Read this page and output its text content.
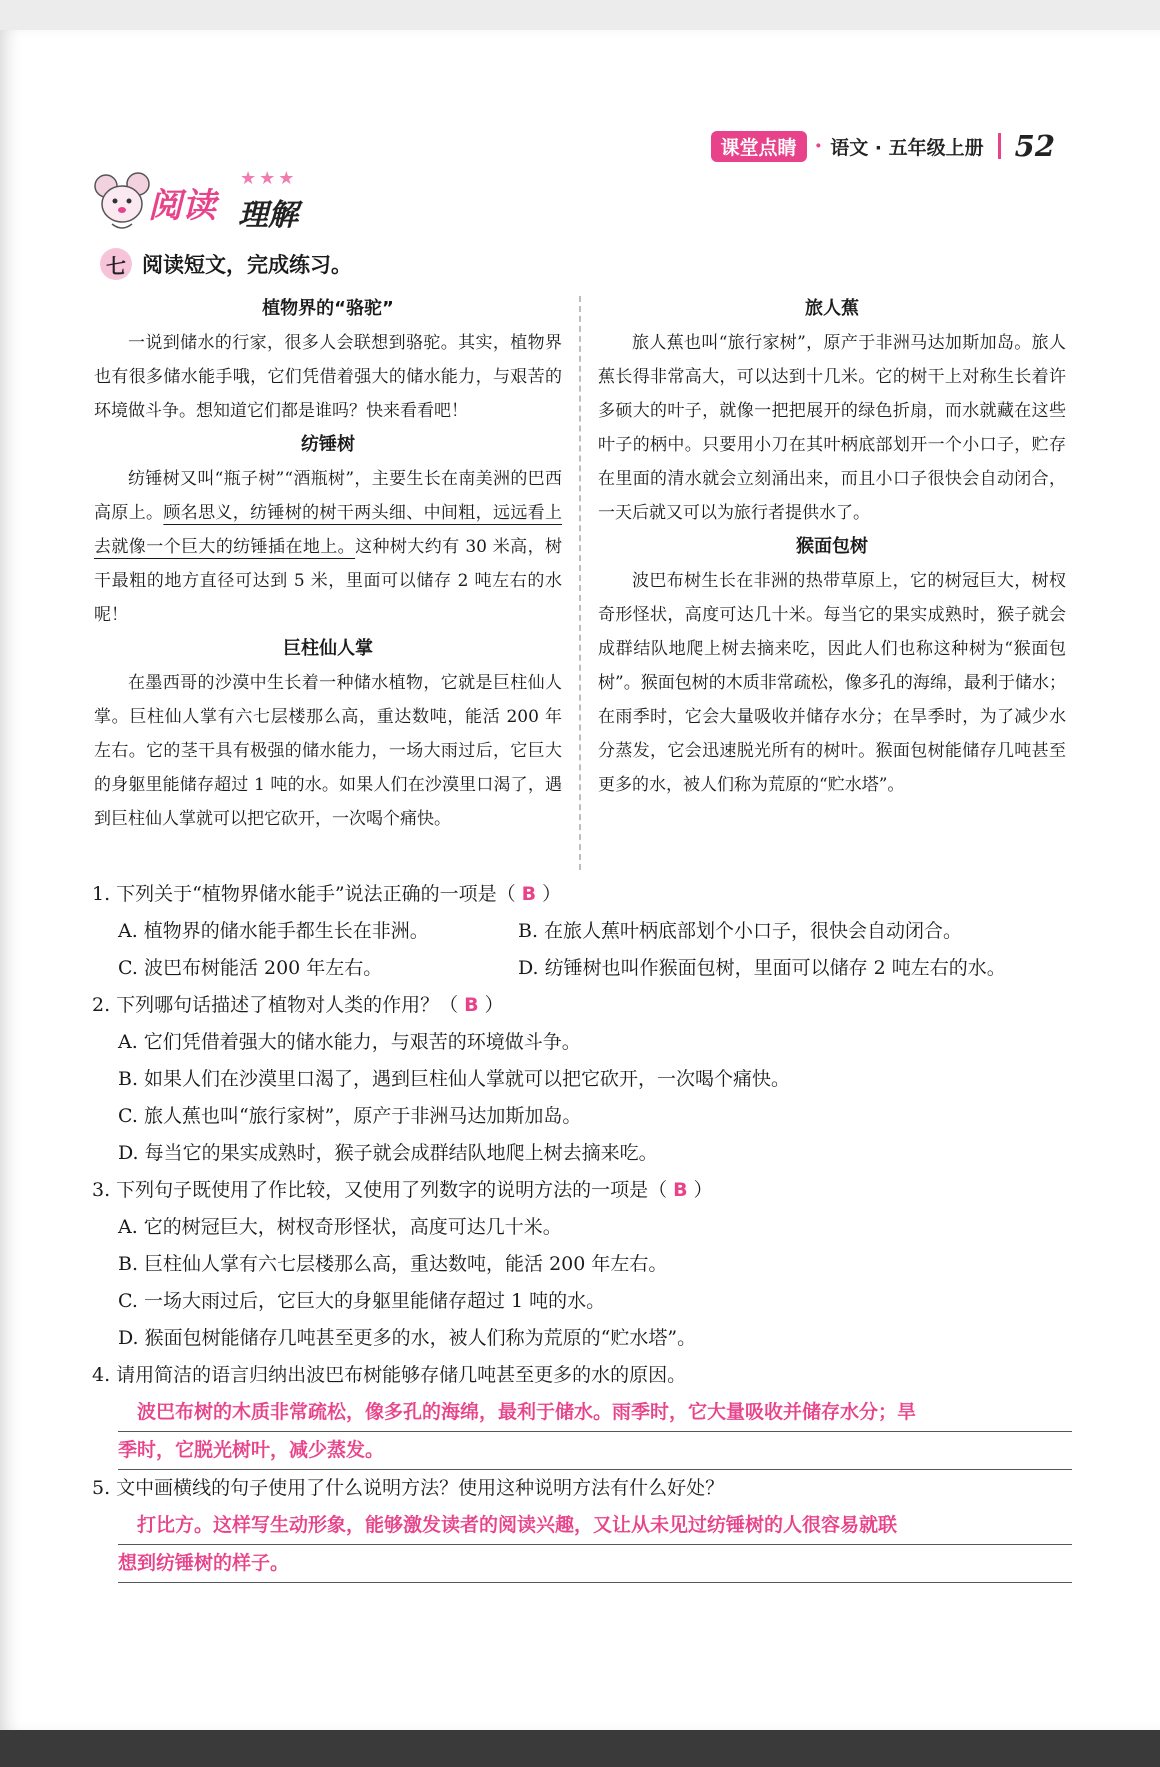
课堂点睛 · 语文 · 五年级上册 52
阅读
★★★
理解
七 阅读短文，完成练习。
植物界的“骆驼”

一说到储水的行家，很多人会联想到骆驼。其实，植物界也有很多储水能手哦，它们凭借着强大的储水能力，与艰苦的环境做斗争。想知道它们都是谁吗？快来看看吧！

纺锤树

纺锤树又叫“瓶子树”“酒瓶树”，主要生长在南美洲的巴西高原上。顾名思义，纺锤树的树干两头细、中间粗，远远看上去就像一个巨大的纺锤插在地上。这种树大约有 30 米高，树干最粗的地方直径可达到 5 米，里面可以储存 2 吨左右的水呢！

巨柱仙人掌

在墨西哥的沙漠中生长着一种储水植物，它就是巨柱仙人掌。巨柱仙人掌有六七层楼那么高，重达数吨，能活 200 年左右。它的茎干具有极强的储水能力，一场大雨过后，它巨大的身躯里能储存超过 1 吨的水。如果人们在沙漠里口渴了，遇到巨柱仙人掌就可以把它砍开，一次喝个痛快。

旅人蕉

旅人蕉也叫“旅行家树”，原产于非洲马达加斯加岛。旅人蕉长得非常高大，可以达到十几米。它的树干上对称生长着许多硕大的叶子，就像一把把展开的绿色折扇，而水就藏在这些叶子的柄中。只要用小刀在其叶柄底部划开一个小口子，贮存在里面的清水就会立刻涌出来，而且小口子很快会自动闭合，一天后就又可以为旅行者提供水了。

猴面包树

波巴布树生长在非洲的热带草原上，它的树冠巨大，树杈奇形怪状，高度可达几十米。每当它的果实成熟时，猴子就会成群结队地爬上树去摘来吃，因此人们也称这种树为“猴面包树”。猴面包树的木质非常疏松，像多孔的海绵，最利于储水；在雨季时，它会大量吸收并储存水分；在旱季时，为了减少水分蒸发，它会迅速脱光所有的树叶。猴面包树能储存几吨甚至更多的水，被人们称为荒原的“贮水塔”。

1. 下列关于“植物界储水能手”说法正确的一项是（ B ）

A. 植物界的储水能手都生长在非洲。	B. 在旅人蕉叶柄底部划个小口子，很快会自动闭合。
C. 波巴布树能活 200 年左右。	D. 纺锤树也叫作猴面包树，里面可以储存 2 吨左右的水。

2. 下列哪句话描述了植物对人类的作用？（ B ）

A. 它们凭借着强大的储水能力，与艰苦的环境做斗争。

B. 如果人们在沙漠里口渴了，遇到巨柱仙人掌就可以把它砍开，一次喝个痛快。

C. 旅人蕉也叫“旅行家树”，原产于非洲马达加斯加岛。

D. 每当它的果实成熟时，猴子就会成群结队地爬上树去摘来吃。

3. 下列句子既使用了作比较，又使用了列数字的说明方法的一项是（ B ）

A. 它的树冠巨大，树杈奇形怪状，高度可达几十米。

B. 巨柱仙人掌有六七层楼那么高，重达数吨，能活 200 年左右。

C. 一场大雨过后，它巨大的身躯里能储存超过 1 吨的水。

D. 猴面包树能储存几吨甚至更多的水，被人们称为荒原的“贮水塔”。

4. 请用简洁的语言归纳出波巴布树能够存储几吨甚至更多的水的原因。

波巴布树的木质非常疏松，像多孔的海绵，最利于储水。雨季时，它大量吸收并储存水分；旱
季时，它脱光树叶，减少蒸发。

5. 文中画横线的句子使用了什么说明方法？使用这种说明方法有什么好处？

打比方。这样写生动形象，能够激发读者的阅读兴趣，又让从未见过纺锤树的人很容易就联
想到纺锤树的样子。
